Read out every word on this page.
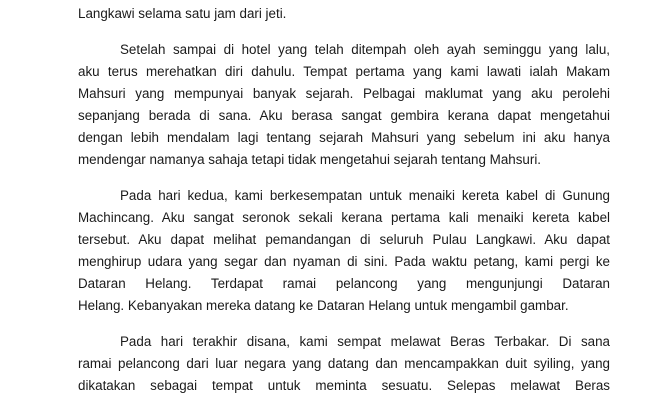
Langkawi selama satu jam dari jeti.
Setelah sampai di hotel yang telah ditempah oleh ayah seminggu yang lalu,
aku terus merehatkan diri dahulu. Tempat pertama yang kami lawati ialah Makam
Mahsuri yang mempunyai banyak sejarah. Pelbagai maklumat yang aku perolehi
sepanjang berada di sana. Aku berasa sangat gembira kerana dapat mengetahui
dengan lebih mendalam lagi tentang sejarah Mahsuri yang sebelum ini aku hanya
mendengar namanya sahaja tetapi tidak mengetahui sejarah tentang Mahsuri.
Pada hari kedua, kami berkesempatan untuk menaiki kereta kabel di Gunung
Machincang. Aku sangat seronok sekali kerana pertama kali menaiki kereta kabel
tersebut. Aku dapat melihat pemandangan di seluruh Pulau Langkawi. Aku dapat
menghirup udara yang segar dan nyaman di sini. Pada waktu petang, kami pergi ke
Dataran Helang. Terdapat ramai pelancong yang mengunjungi Dataran
Helang. Kebanyakan mereka datang ke Dataran Helang untuk mengambil gambar.
Pada hari terakhir disana, kami sempat melawat Beras Terbakar. Di sana
ramai pelancong dari luar negara yang datang dan mencampakkan duit syiling, yang
dikatakan sebagai tempat untuk meminta sesuatu. Selepas melawat Beras
